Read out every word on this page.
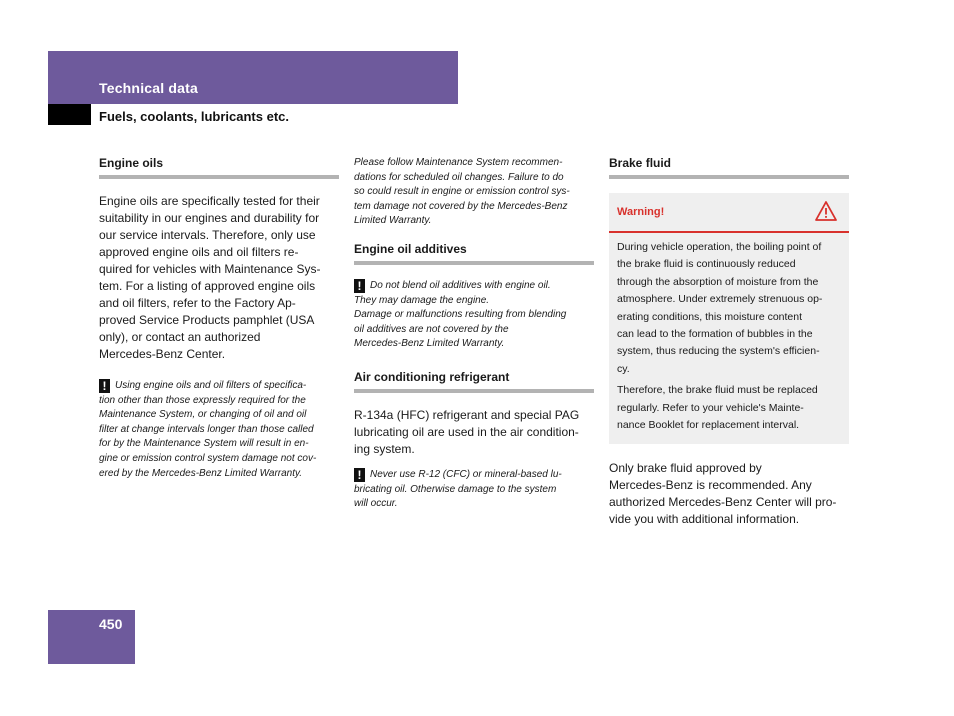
Technical data
Fuels, coolants, lubricants etc.
Engine oils
Engine oils are specifically tested for their
suitability in our engines and durability for
our service intervals. Therefore, only use
approved engine oils and oil filters re-
quired for vehicles with Maintenance Sys-
tem. For a listing of approved engine oils
and oil filters, refer to the Factory Ap-
proved Service Products pamphlet (USA
only), or contact an authorized
Mercedes-Benz Center.
! Using engine oils and oil filters of specifica-
tion other than those expressly required for the
Maintenance System, or changing of oil and oil
filter at change intervals longer than those called
for by the Maintenance System will result in en-
gine or emission control system damage not cov-
ered by the Mercedes-Benz Limited Warranty.
Please follow Maintenance System recommen-
dations for scheduled oil changes. Failure to do
so could result in engine or emission control sys-
tem damage not covered by the Mercedes-Benz
Limited Warranty.
Engine oil additives
! Do not blend oil additives with engine oil.
They may damage the engine.
Damage or malfunctions resulting from blending
oil additives are not covered by the
Mercedes-Benz Limited Warranty.
Air conditioning refrigerant
R-134a (HFC) refrigerant and special PAG
lubricating oil are used in the air condition-
ing system.
! Never use R-12 (CFC) or mineral-based lu-
bricating oil. Otherwise damage to the system
will occur.
Brake fluid
Warning!

During vehicle operation, the boiling point of
the brake fluid is continuously reduced
through the absorption of moisture from the
atmosphere. Under extremely strenuous op-
erating conditions, this moisture content
can lead to the formation of bubbles in the
system, thus reducing the system's efficien-
cy.

Therefore, the brake fluid must be replaced
regularly. Refer to your vehicle's Mainte-
nance Booklet for replacement interval.

Only brake fluid approved by
Mercedes-Benz is recommended. Any
authorized Mercedes-Benz Center will pro-
vide you with additional information.
450
